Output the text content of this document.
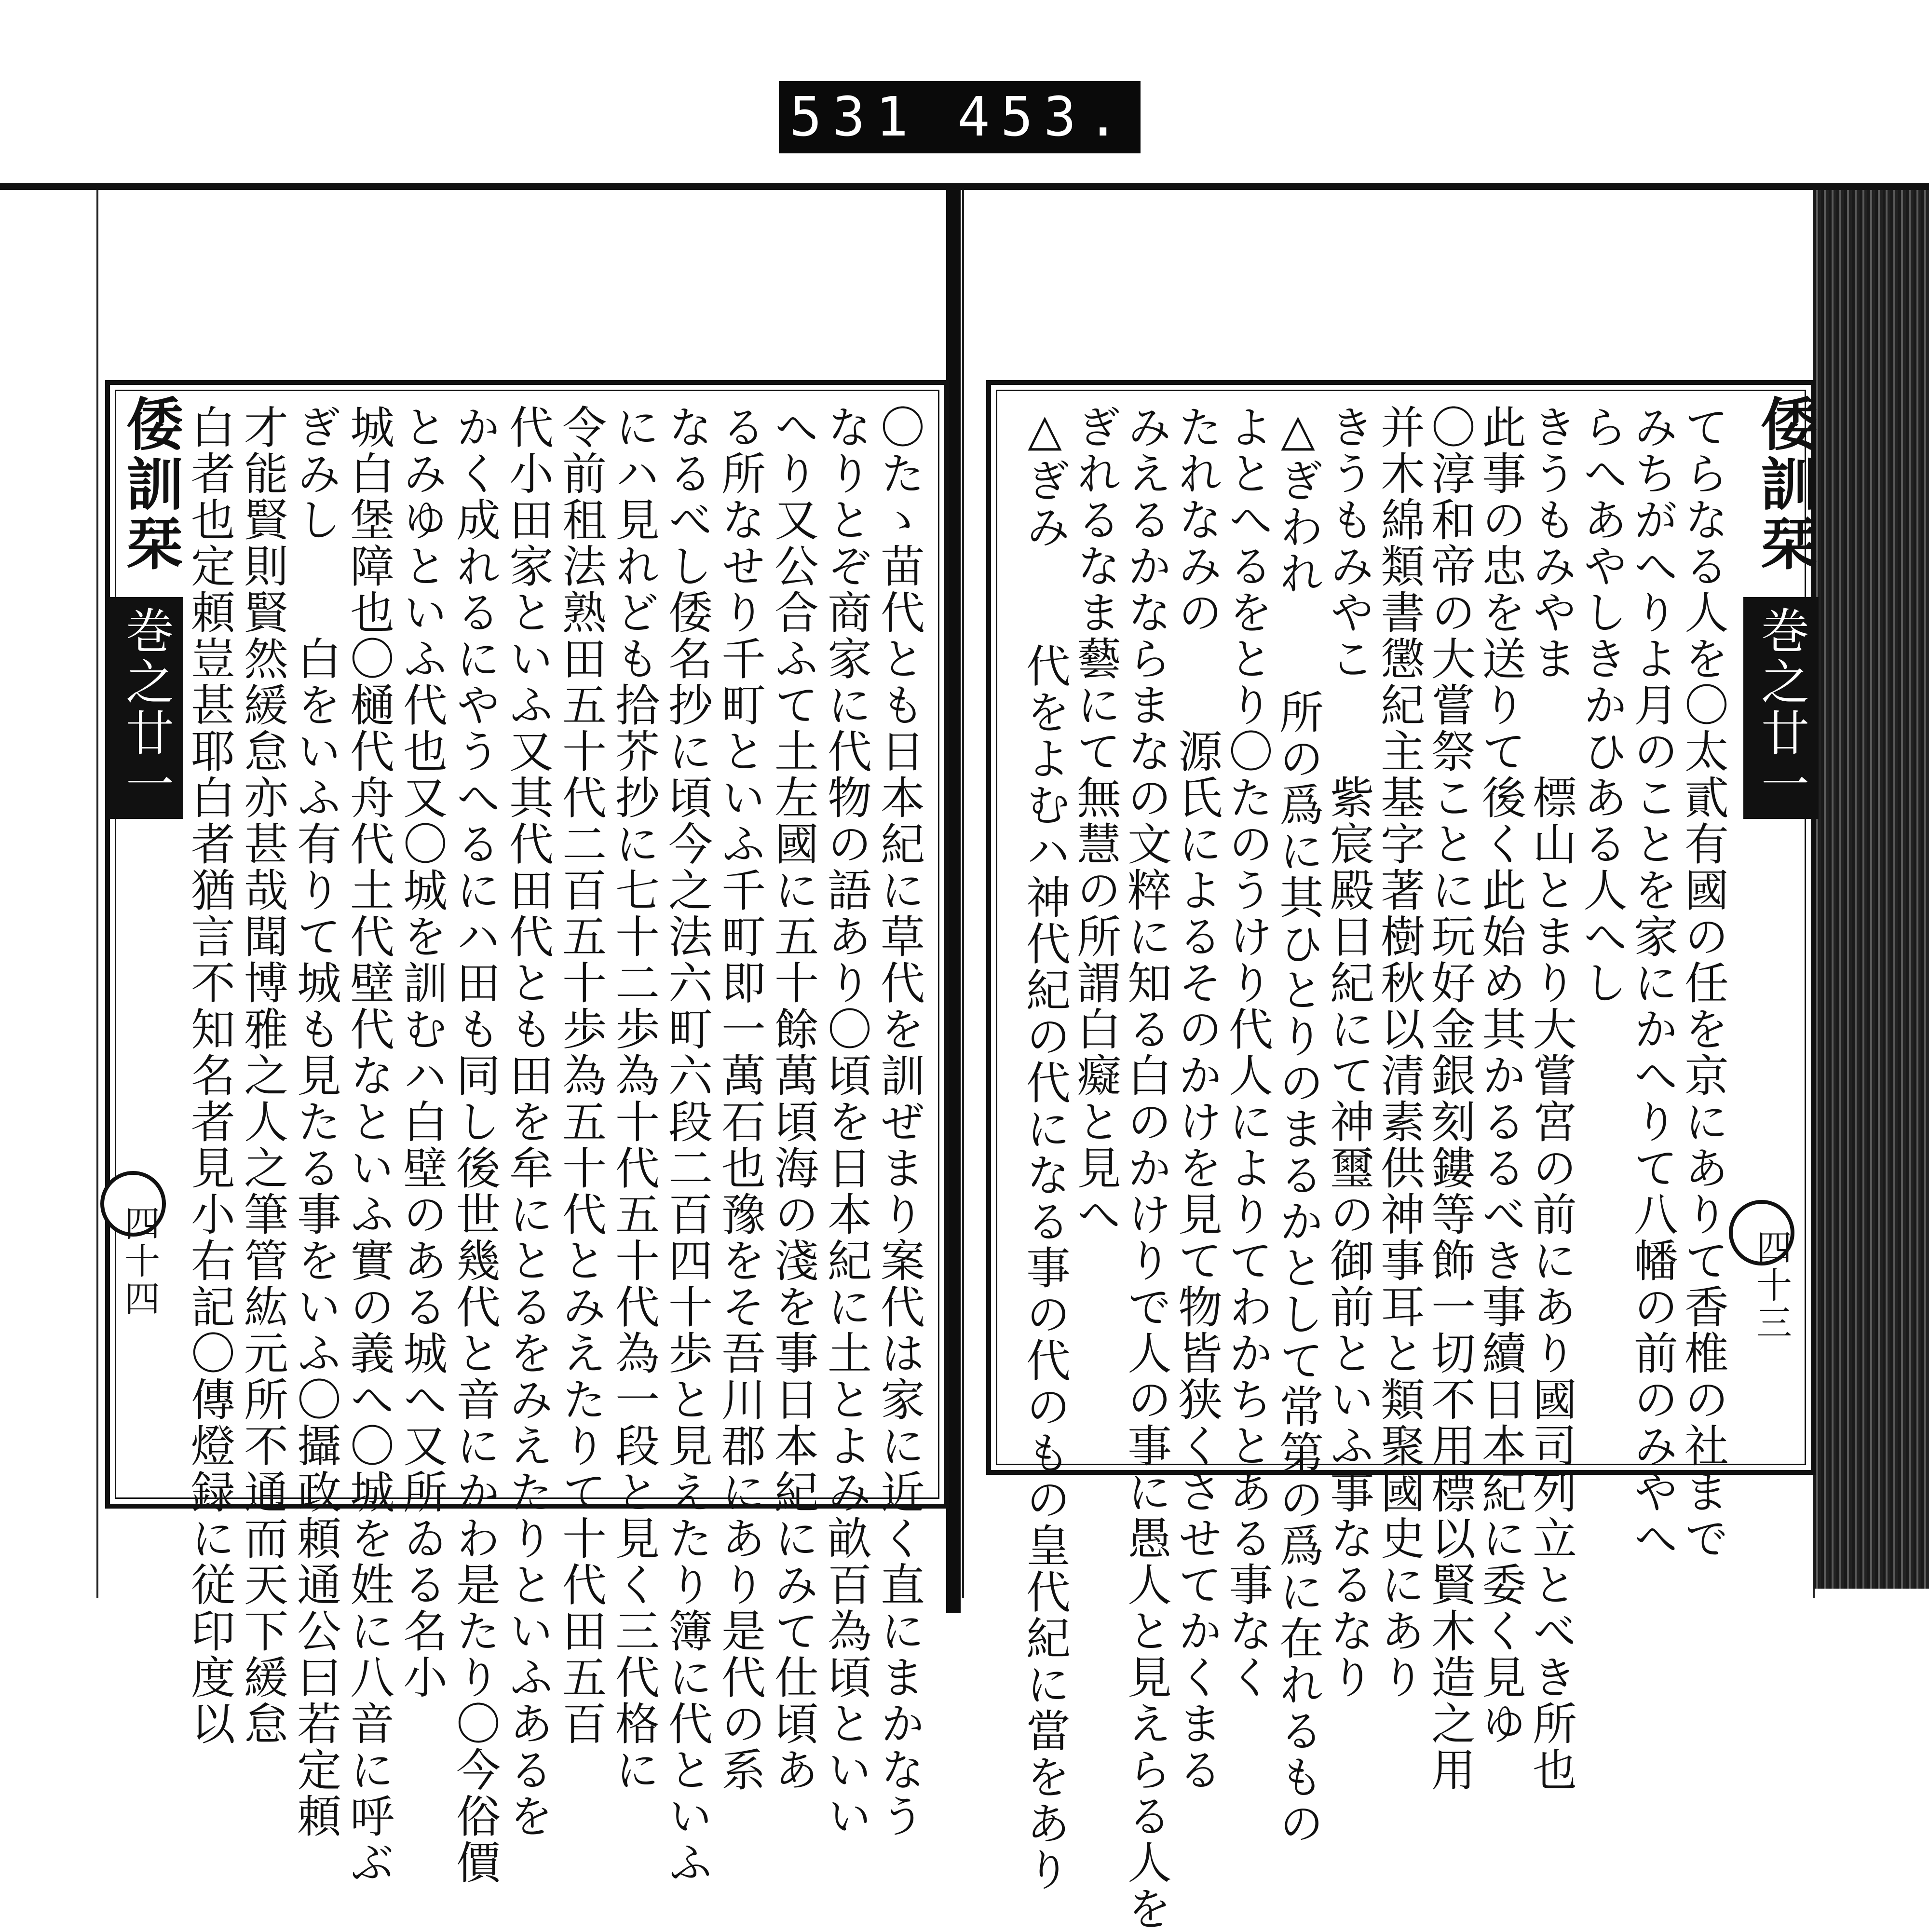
531 453.
倭訓栞
巻之廿一
四十四	〇たゝ苗代とも日本紀に草代を訓ぜまり案代は家に近く直にまかなう
なりとぞ商家に代物の語あり〇頃を日本紀に土とよみ畝百為頃といい
へり又公合ふて土左國に五十餘萬頃海の淺を事日本紀にみて仕頃あ
る所なせり千町といふ千町即一萬石也豫をそ吾川郡にあり是代の系
なるべし倭名抄に頃今之法六町六段二百四十歩と見えたり簿に代といふ
にハ見れども拾芥抄に七十二歩為十代五十代為一段と見く三代格に
令前租法熟田五十代二百五十歩為五十代とみえたりて十代田五百
代小田家といふ又其代田代とも田を牟にとるをみえたりといふあるを
かく成れるにやうへるにハ田も同し後世幾代と音にかわ是たり〇今俗價
とみゆといふ代也又〇城を訓むハ白壁のある城へ又所ゐる名小
城白堡障也〇樋代舟代土代壁代なといふ實の義へ〇城を姓に八音に呼ぶ
ぎみし　　白をいふ有りて城も見たる事をいふ〇攝政頼通公曰若定頼
才能賢則賢然緩怠亦甚哉聞博雅之人之筆管紘元所不通而天下緩怠
白者也定頼豈甚耶白者猶言不知名者見小右記〇傳燈録に従印度以	倭訓栞
巻之廿一
四十三
てらなる人を〇太貳有國の任を京にありて香椎の社まで
みちがへりよ月のことを家にかへりて八幡の前のみやへ
らへあやしきかひある人へし
きうもみやま　　標山とまり大嘗宮の前にあり國司列立とべき所也
此事の忠を送りて後く此始め其かるるべき事續日本紀に委く見ゆ
〇淳和帝の大嘗祭ことに玩好金銀刻鏤等飾一切不用標以賢木造之用
并木綿類書懲紀主基字著樹秋以清素供神事耳と類聚國史にあり
きうもみやこ　　紫宸殿日紀にて神璽の御前といふ事なるなり
△ぎわれ　　所の爲に其ひとりのまるかとして常第の爲に在れるもの
よとへるをとり〇たのうけり代人によりてわかちとある事なく
たれなみの　　源氏によるそのかけを見て物皆狭くさせてかくまる
みえるかならまなの文粹に知る白のかけりで人の事に愚人と見えらる人を
ぎれるなま藝にて無慧の所謂白癡と見へ
△ぎみ　　代をよむハ神代紀の代になる事の代のもの皇代紀に當をあり
